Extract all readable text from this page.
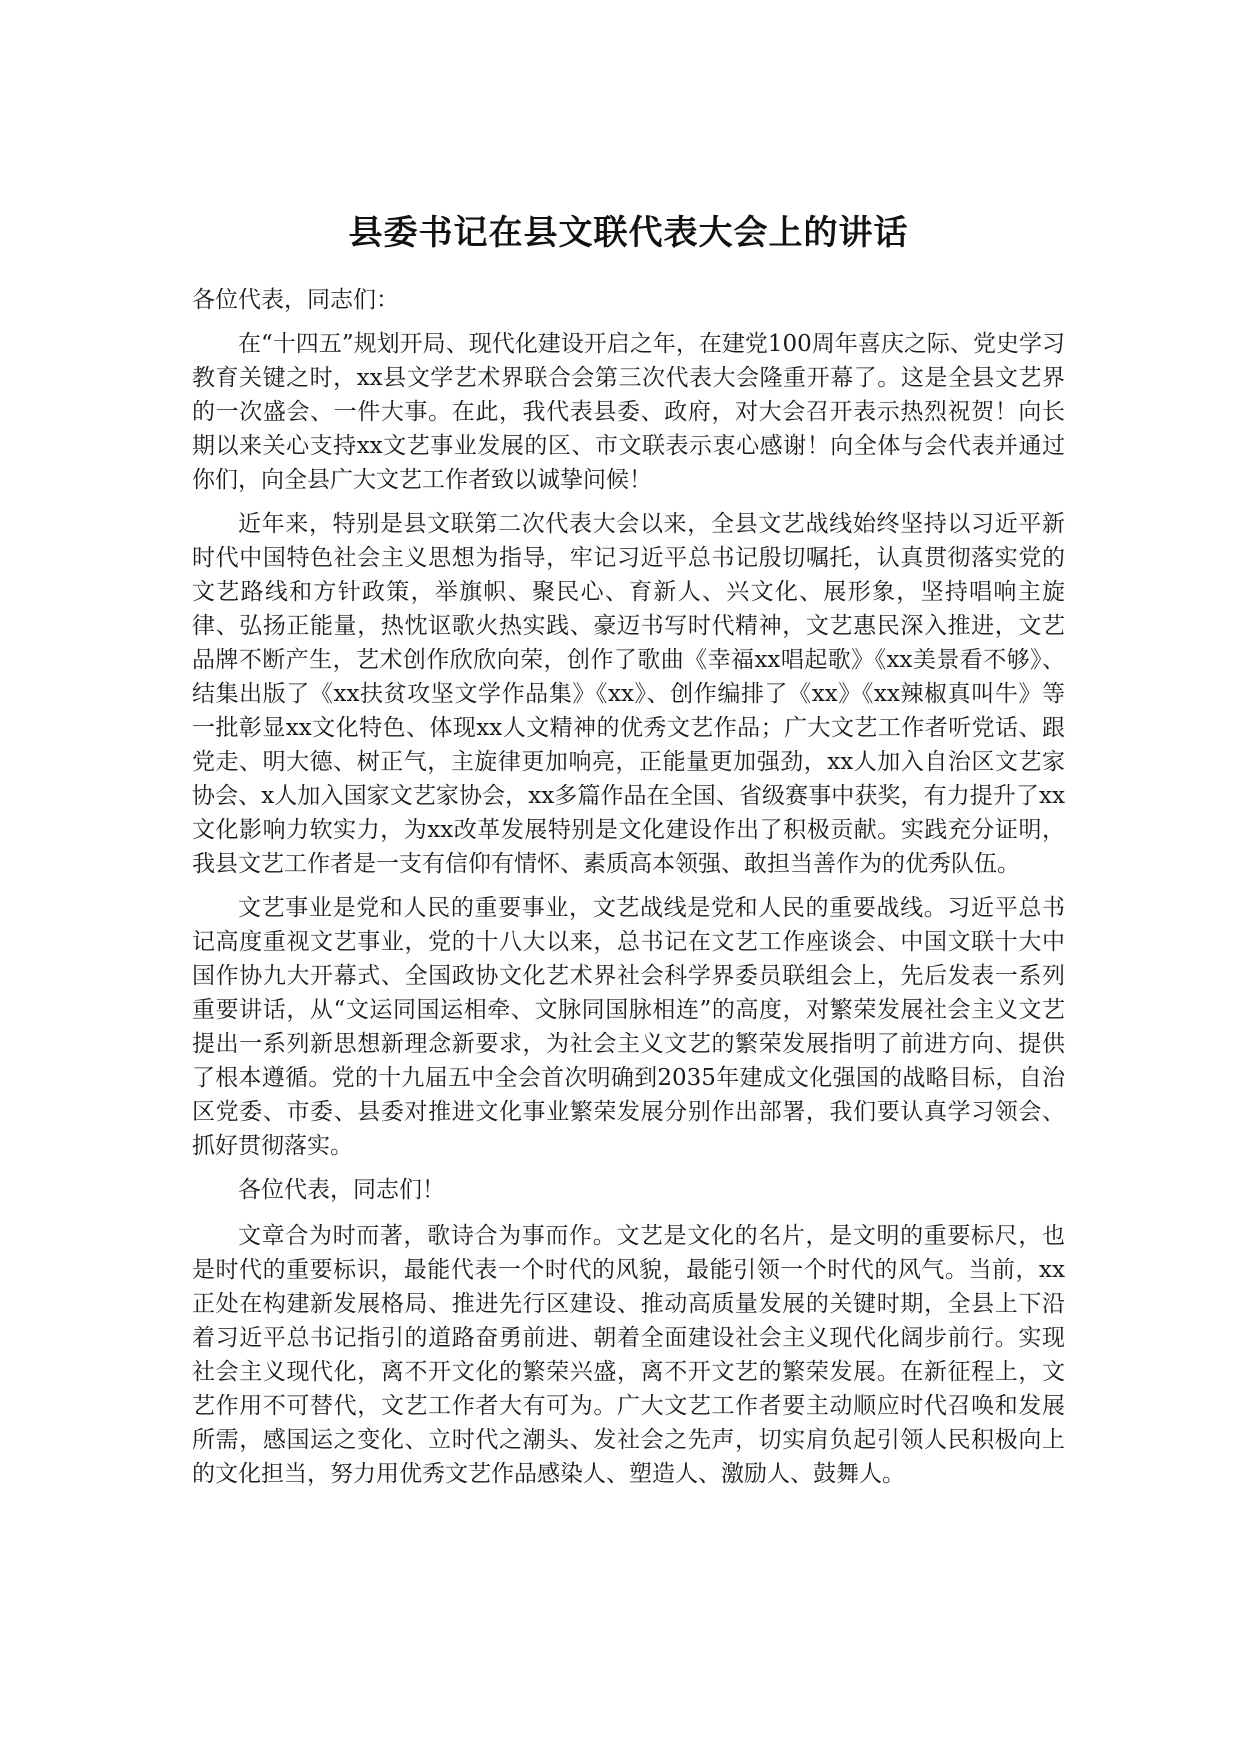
县委书记在县文联代表大会上的讲话

各位代表，同志们：

在“十四五”规划开局、现代化建设开启之年，在建党100周年喜庆之际、党史学习教育关键之时，xx县文学艺术界联合会第三次代表大会隆重开幕了。这是全县文艺界的一次盛会、一件大事。在此，我代表县委、政府，对大会召开表示热烈祝贺！向长期以来关心支持xx文艺事业发展的区、市文联表示衷心感谢！向全体与会代表并通过你们，向全县广大文艺工作者致以诚挚问候！

近年来，特别是县文联第二次代表大会以来，全县文艺战线始终坚持以习近平新时代中国特色社会主义思想为指导，牢记习近平总书记殷切嘱托，认真贯彻落实党的文艺路线和方针政策，举旗帜、聚民心、育新人、兴文化、展形象，坚持唱响主旋律、弘扬正能量，热忱讴歌火热实践、豪迈书写时代精神，文艺惠民深入推进，文艺品牌不断产生，艺术创作欣欣向荣，创作了歌曲《幸福xx唱起歌》《xx美景看不够》、结集出版了《xx扶贫攻坚文学作品集》《xx》、创作编排了《xx》《xx辣椒真叫牛》等一批彰显xx文化特色、体现xx人文精神的优秀文艺作品；广大文艺工作者听党话、跟党走、明大德、树正气，主旋律更加响亮，正能量更加强劲，xx人加入自治区文艺家协会、x人加入国家文艺家协会，xx多篇作品在全国、省级赛事中获奖，有力提升了xx文化影响力软实力，为xx改革发展特别是文化建设作出了积极贡献。实践充分证明，我县文艺工作者是一支有信仰有情怀、素质高本领强、敢担当善作为的优秀队伍。

文艺事业是党和人民的重要事业，文艺战线是党和人民的重要战线。习近平总书记高度重视文艺事业，党的十八大以来，总书记在文艺工作座谈会、中国文联十大中国作协九大开幕式、全国政协文化艺术界社会科学界委员联组会上，先后发表一系列重要讲话，从“文运同国运相牵、文脉同国脉相连”的高度，对繁荣发展社会主义文艺提出一系列新思想新理念新要求，为社会主义文艺的繁荣发展指明了前进方向、提供了根本遵循。党的十九届五中全会首次明确到2035年建成文化强国的战略目标，自治区党委、市委、县委对推进文化事业繁荣发展分别作出部署，我们要认真学习领会、抓好贯彻落实。

各位代表，同志们！

文章合为时而著，歌诗合为事而作。文艺是文化的名片，是文明的重要标尺，也是时代的重要标识，最能代表一个时代的风貌，最能引领一个时代的风气。当前，xx正处在构建新发展格局、推进先行区建设、推动高质量发展的关键时期，全县上下沿着习近平总书记指引的道路奋勇前进、朝着全面建设社会主义现代化阔步前行。实现社会主义现代化，离不开文化的繁荣兴盛，离不开文艺的繁荣发展。在新征程上，文艺作用不可替代，文艺工作者大有可为。广大文艺工作者要主动顺应时代召唤和发展所需，感国运之变化、立时代之潮头、发社会之先声，切实肩负起引领人民积极向上的文化担当，努力用优秀文艺作品感染人、塑造人、激励人、鼓舞人。
